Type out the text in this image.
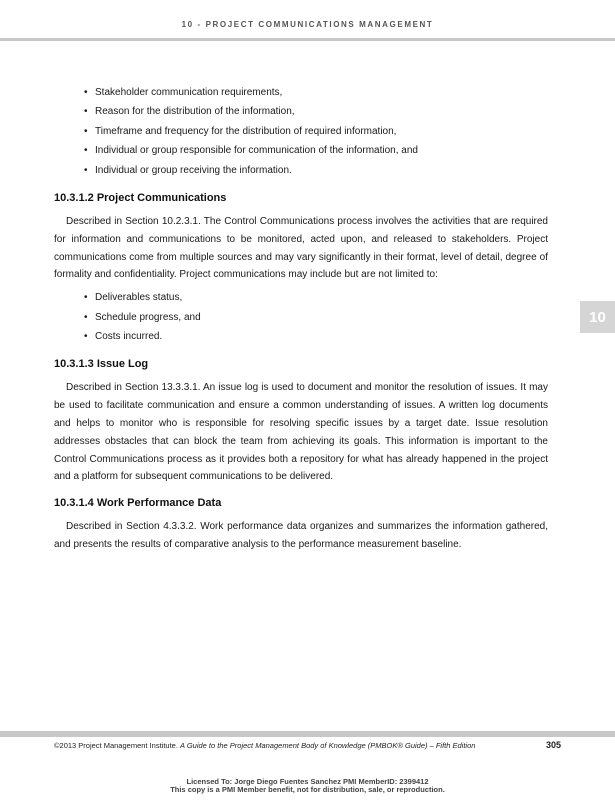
10 - PROJECT COMMUNICATIONS MANAGEMENT
• Stakeholder communication requirements,
• Reason for the distribution of the information,
• Timeframe and frequency for the distribution of required information,
• Individual or group responsible for communication of the information, and
• Individual or group receiving the information.
10.3.1.2 Project Communications

Described in Section 10.2.3.1. The Control Communications process involves the activities that are required for information and communications to be monitored, acted upon, and released to stakeholders. Project communications come from multiple sources and may vary significantly in their format, level of detail, degree of formality and confidentiality. Project communications may include but are not limited to:

• Deliverables status,
• Schedule progress, and
• Costs incurred.
10.3.1.3 Issue Log

Described in Section 13.3.3.1. An issue log is used to document and monitor the resolution of issues. It may be used to facilitate communication and ensure a common understanding of issues. A written log documents and helps to monitor who is responsible for resolving specific issues by a target date. Issue resolution addresses obstacles that can block the team from achieving its goals. This information is important to the Control Communications process as it provides both a repository for what has already happened in the project and a platform for subsequent communications to be delivered.

10.3.1.4 Work Performance Data

Described in Section 4.3.3.2. Work performance data organizes and summarizes the information gathered, and presents the results of comparative analysis to the performance measurement baseline.

10
©2013 Project Management Institute. A Guide to the Project Management Body of Knowledge (PMBOK® Guide) – Fifth Edition	305
Licensed To: Jorge Diego Fuentes Sanchez PMI MemberID: 2399412
This copy is a PMI Member benefit, not for distribution, sale, or reproduction.
